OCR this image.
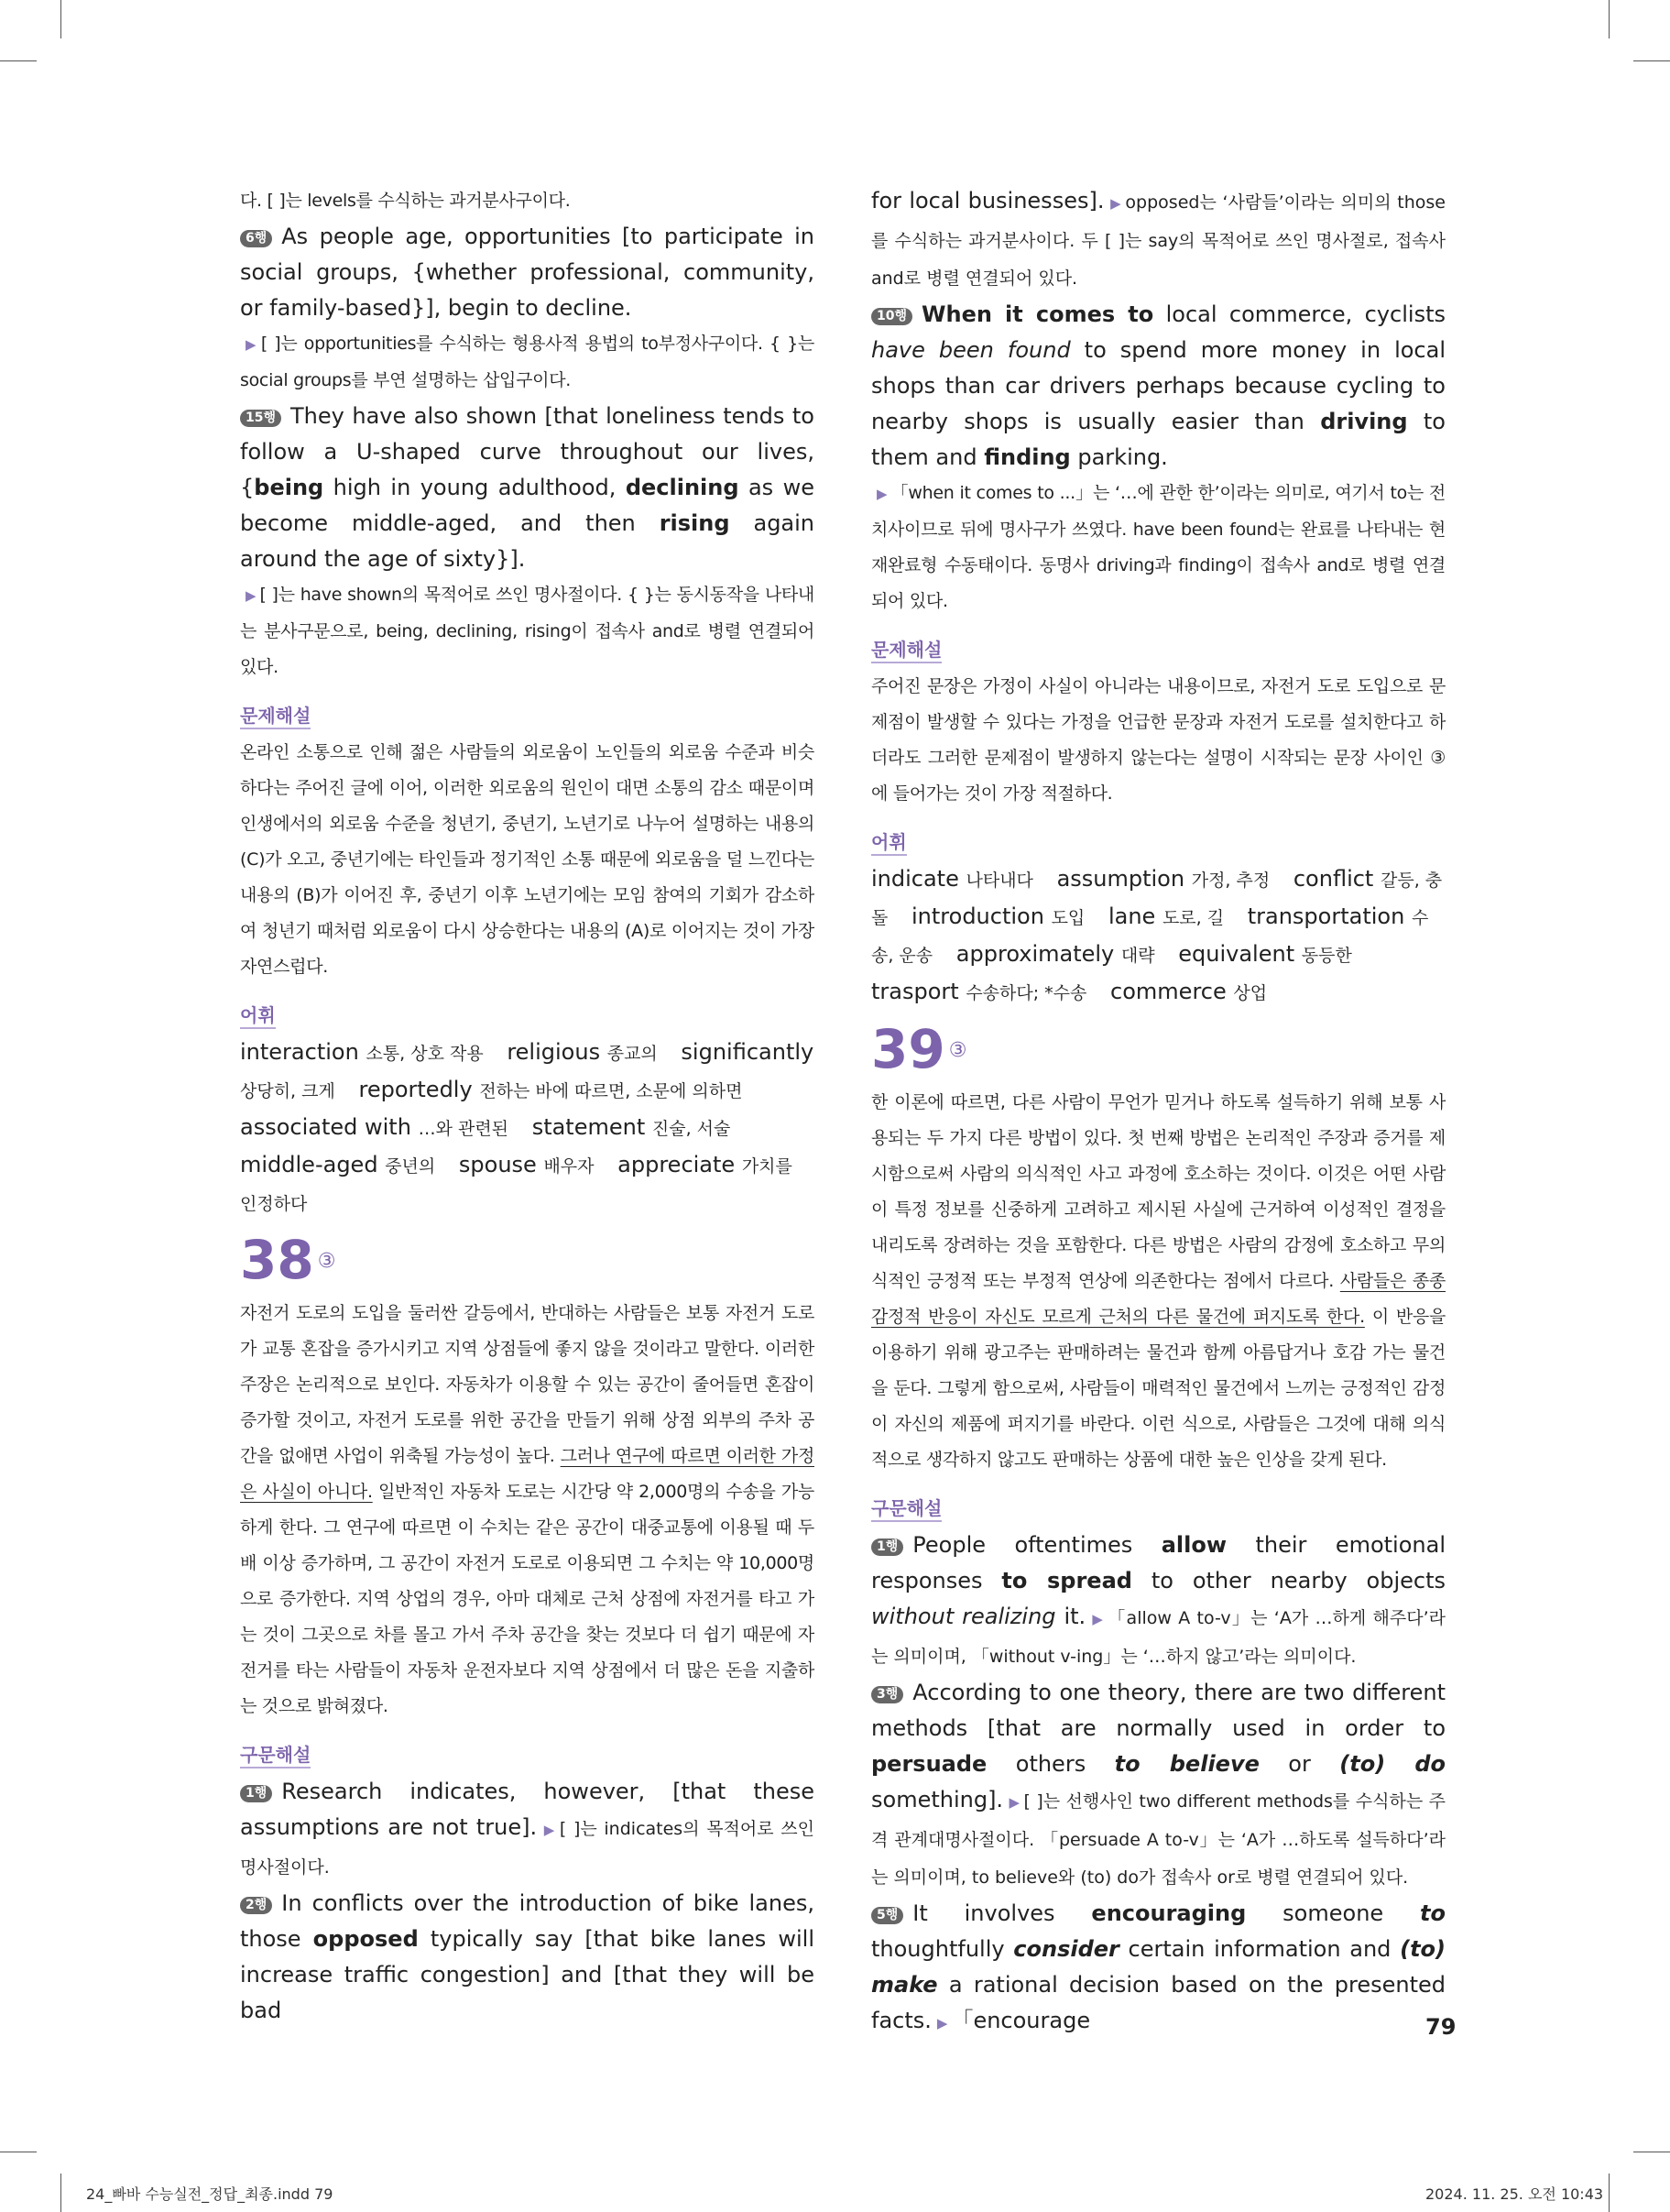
다. [ ]는 levels를 수식하는 과거분사구이다.

6행 As people age, opportunities [to participate in social groups, {whether professional, community, or family-based}], begin to decline.

▶ [ ]는 opportunities를 수식하는 형용사적 용법의 to부정사구이다. { }는 social groups를 부연 설명하는 삽입구이다.

15행 They have also shown [that loneliness tends to follow a U-shaped curve throughout our lives, {being high in young adulthood, declining as we become middle-aged, and then rising again around the age of sixty}].

▶ [ ]는 have shown의 목적어로 쓰인 명사절이다. { }는 동시동작을 나타내는 분사구문으로, being, declining, rising이 접속사 and로 병렬 연결되어 있다.

문제해설

온라인 소통으로 인해 젊은 사람들의 외로움이 노인들의 외로움 수준과 비슷하다는 주어진 글에 이어, 이러한 외로움의 원인이 대면 소통의 감소 때문이며 인생에서의 외로움 수준을 청년기, 중년기, 노년기로 나누어 설명하는 내용의 (C)가 오고, 중년기에는 타인들과 정기적인 소통 때문에 외로움을 덜 느낀다는 내용의 (B)가 이어진 후, 중년기 이후 노년기에는 모임 참여의 기회가 감소하여 청년기 때처럼 외로움이 다시 상승한다는 내용의 (A)로 이어지는 것이 가장 자연스럽다.

어휘

interaction 소통, 상호 작용 religious 종교의 significantly 상당히, 크게 reportedly 전하는 바에 따르면, 소문에 의하면 associated with …와 관련된 statement 진술, 서술 middle-aged 중년의 spouse 배우자 appreciate 가치를 인정하다

38 ③

자전거 도로의 도입을 둘러싼 갈등에서, 반대하는 사람들은 보통 자전거 도로가 교통 혼잡을 증가시키고 지역 상점들에 좋지 않을 것이라고 말한다. 이러한 주장은 논리적으로 보인다. 자동차가 이용할 수 있는 공간이 줄어들면 혼잡이 증가할 것이고, 자전거 도로를 위한 공간을 만들기 위해 상점 외부의 주차 공간을 없애면 사업이 위축될 가능성이 높다. 그러나 연구에 따르면 이러한 가정은 사실이 아니다. 일반적인 자동차 도로는 시간당 약 2,000명의 수송을 가능하게 한다. 그 연구에 따르면 이 수치는 같은 공간이 대중교통에 이용될 때 두 배 이상 증가하며, 그 공간이 자전거 도로로 이용되면 그 수치는 약 10,000명으로 증가한다. 지역 상업의 경우, 아마 대체로 근처 상점에 자전거를 타고 가는 것이 그곳으로 차를 몰고 가서 주차 공간을 찾는 것보다 더 쉽기 때문에 자전거를 타는 사람들이 자동차 운전자보다 지역 상점에서 더 많은 돈을 지출하는 것으로 밝혀졌다.

구문해설

1행 Research indicates, however, [that these assumptions are not true]. ▶ [ ]는 indicates의 목적어로 쓰인 명사절이다.

2행 In conflicts over the introduction of bike lanes, those opposed typically say [that bike lanes will increase traffic congestion] and [that they will be bad

for local businesses]. ▶ opposed는 ‘사람들’이라는 의미의 those를 수식하는 과거분사이다. 두 [ ]는 say의 목적어로 쓰인 명사절로, 접속사 and로 병렬 연결되어 있다.

10행 When it comes to local commerce, cyclists have been found to spend more money in local shops than car drivers perhaps because cycling to nearby shops is usually easier than driving to them and finding parking.

▶ 「when it comes to ...」는 ‘…에 관한 한’이라는 의미로, 여기서 to는 전치사이므로 뒤에 명사구가 쓰였다. have been found는 완료를 나타내는 현재완료형 수동태이다. 동명사 driving과 finding이 접속사 and로 병렬 연결되어 있다.

문제해설

주어진 문장은 가정이 사실이 아니라는 내용이므로, 자전거 도로 도입으로 문제점이 발생할 수 있다는 가정을 언급한 문장과 자전거 도로를 설치한다고 하더라도 그러한 문제점이 발생하지 않는다는 설명이 시작되는 문장 사이인 ③에 들어가는 것이 가장 적절하다.

어휘

indicate 나타내다 assumption 가정, 추정 conflict 갈등, 충돌 introduction 도입 lane 도로, 길 transportation 수송, 운송 approximately 대략 equivalent 동등한 trasport 수송하다; *수송 commerce 상업

39 ③

한 이론에 따르면, 다른 사람이 무언가 믿거나 하도록 설득하기 위해 보통 사용되는 두 가지 다른 방법이 있다. 첫 번째 방법은 논리적인 주장과 증거를 제시함으로써 사람의 의식적인 사고 과정에 호소하는 것이다. 이것은 어떤 사람이 특정 정보를 신중하게 고려하고 제시된 사실에 근거하여 이성적인 결정을 내리도록 장려하는 것을 포함한다. 다른 방법은 사람의 감정에 호소하고 무의식적인 긍정적 또는 부정적 연상에 의존한다는 점에서 다르다. 사람들은 종종 감정적 반응이 자신도 모르게 근처의 다른 물건에 퍼지도록 한다. 이 반응을 이용하기 위해 광고주는 판매하려는 물건과 함께 아름답거나 호감 가는 물건을 둔다. 그렇게 함으로써, 사람들이 매력적인 물건에서 느끼는 긍정적인 감정이 자신의 제품에 퍼지기를 바란다. 이런 식으로, 사람들은 그것에 대해 의식적으로 생각하지 않고도 판매하는 상품에 대한 높은 인상을 갖게 된다.

구문해설

1행 People oftentimes allow their emotional responses to spread to other nearby objects without realizing it. ▶ 「allow A to-v」는 ‘A가 …하게 해주다’라는 의미이며, 「without v-ing」는 ‘…하지 않고’라는 의미이다.

3행 According to one theory, there are two different methods [that are normally used in order to persuade others to believe or (to) do something]. ▶ [ ]는 선행사인 two different methods를 수식하는 주격 관계대명사절이다. 「persuade A to-v」는 ‘A가 …하도록 설득하다’라는 의미이며, to believe와 (to) do가 접속사 or로 병렬 연결되어 있다.

5행 It involves encouraging someone to thoughtfully consider certain information and (to) make a rational decision based on the presented facts. ▶ 「encourage	79
24_빠바 수능실전_정답_최종.indd 79	2024. 11. 25. 오전 10:43
